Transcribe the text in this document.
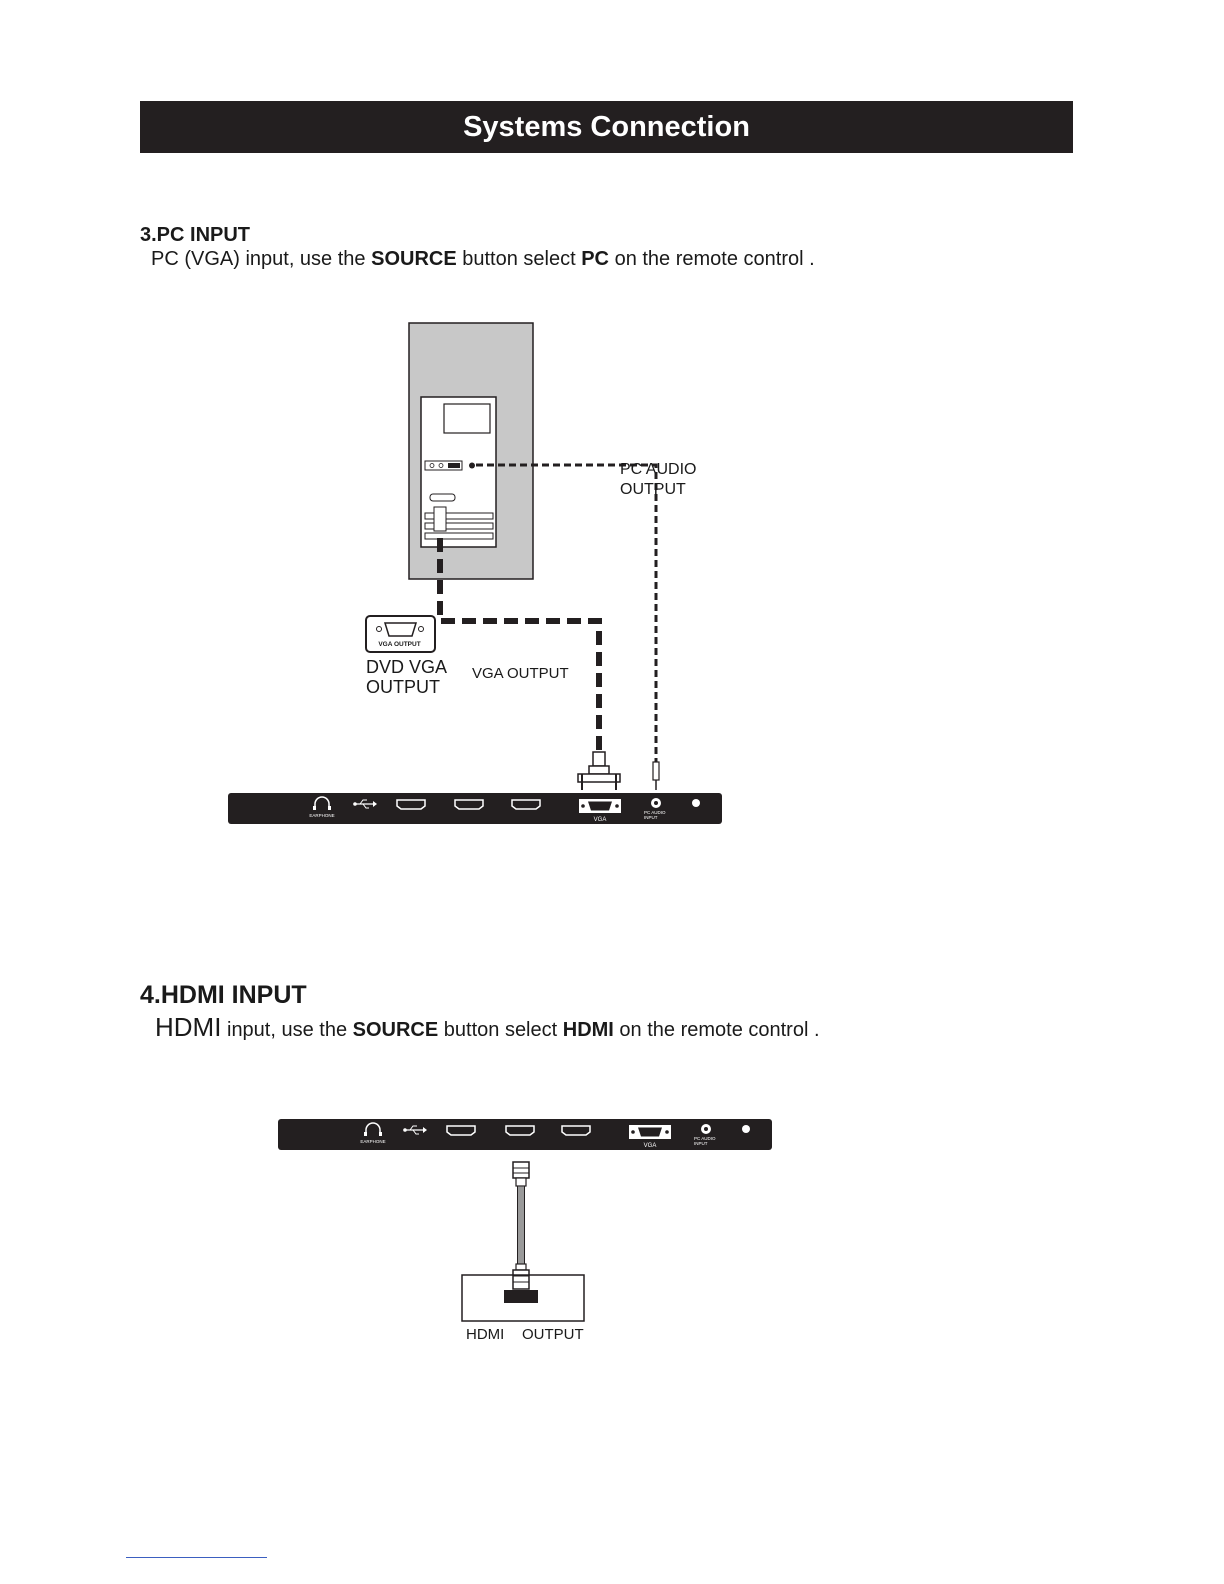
Systems Connection
3.PC INPUT

PC (VGA) input, use the SOURCE button select PC on the remote control .

4.HDMI INPUT

HDMI input, use the SOURCE button select HDMI on the remote control .

PC AUDIO
OUTPUT
VGA OUTPUT
DVD VGA
OUTPUT
VGA OUTPUT
EARPHONE
VGA
PC AUDIO
INPUT
EARPHONE
VGA
PC AUDIO
INPUT
HDMI OUTPUT
